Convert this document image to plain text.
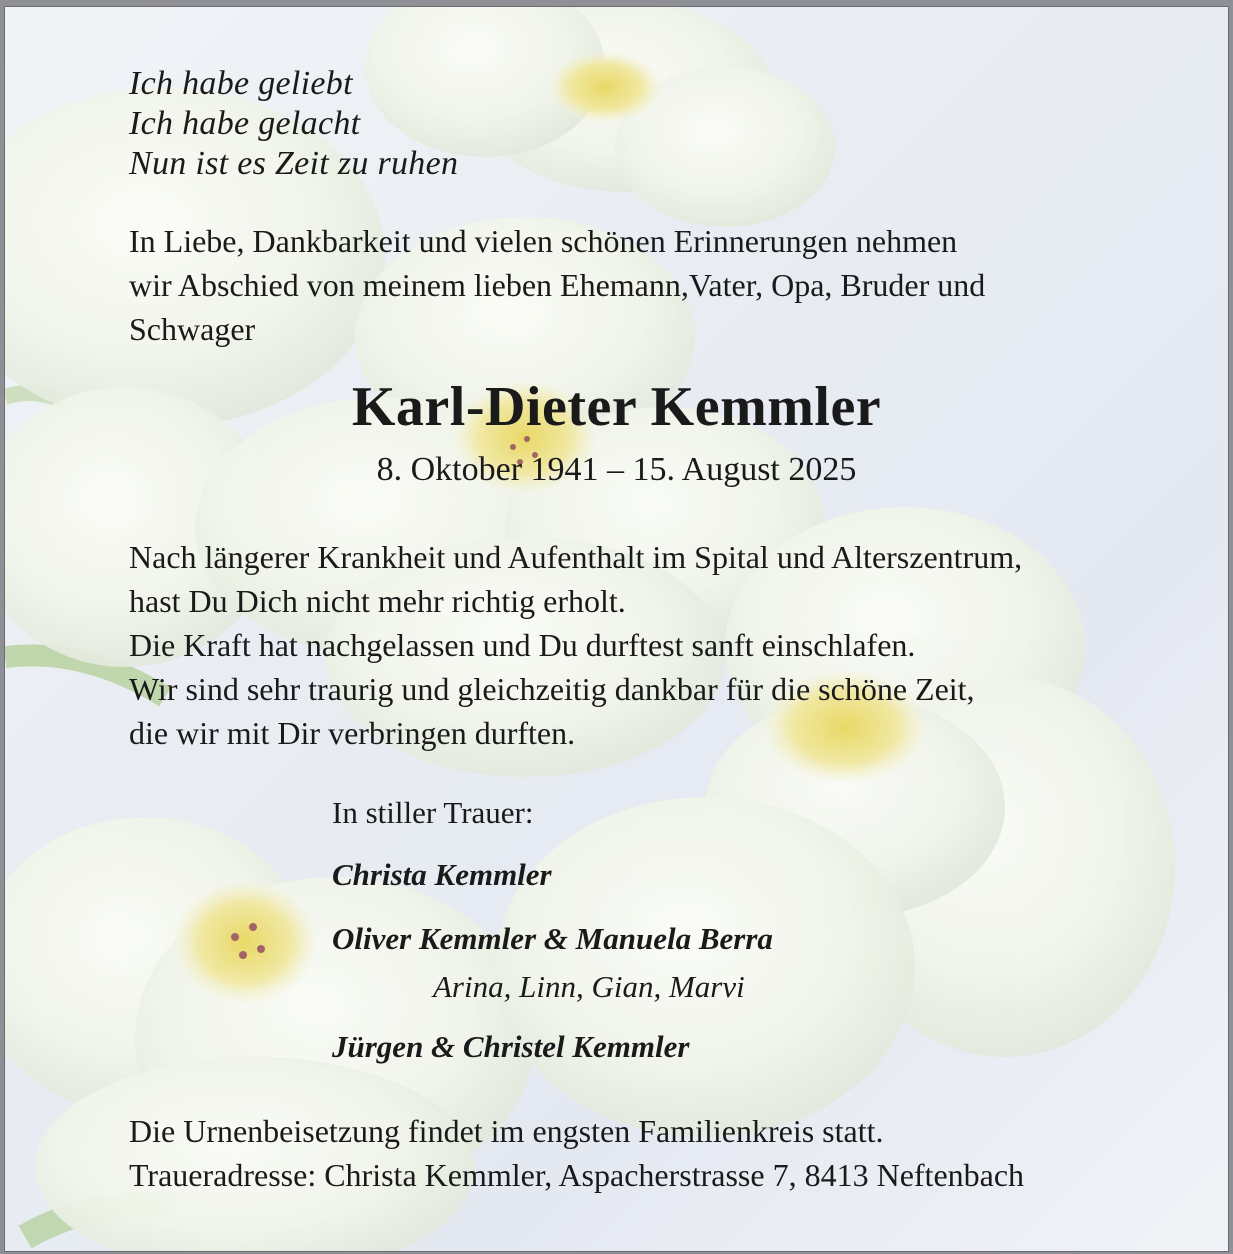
Ich habe geliebt

Ich habe gelacht

Nun ist es Zeit zu ruhen

In Liebe, Dankbarkeit und vielen schönen Erinnerungen nehmen

wir Abschied von meinem lieben Ehemann,Vater, Opa, Bruder und

Schwager

Karl-Dieter Kemmler

8. Oktober 1941 – 15. August 2025

Nach längerer Krankheit und Aufenthalt im Spital und Alterszentrum,

hast Du Dich nicht mehr richtig erholt.

Die Kraft hat nachgelassen und Du durftest sanft einschlafen.

Wir sind sehr traurig und gleichzeitig dankbar für die schöne Zeit,

die wir mit Dir verbringen durften.

In stiller Trauer:

Christa Kemmler

Oliver Kemmler & Manuela Berra

Arina, Linn, Gian, Marvi

Jürgen & Christel Kemmler

Die Urnenbeisetzung findet im engsten Familienkreis statt.

Traueradresse: Christa Kemmler, Aspacherstrasse 7, 8413 Neftenbach
